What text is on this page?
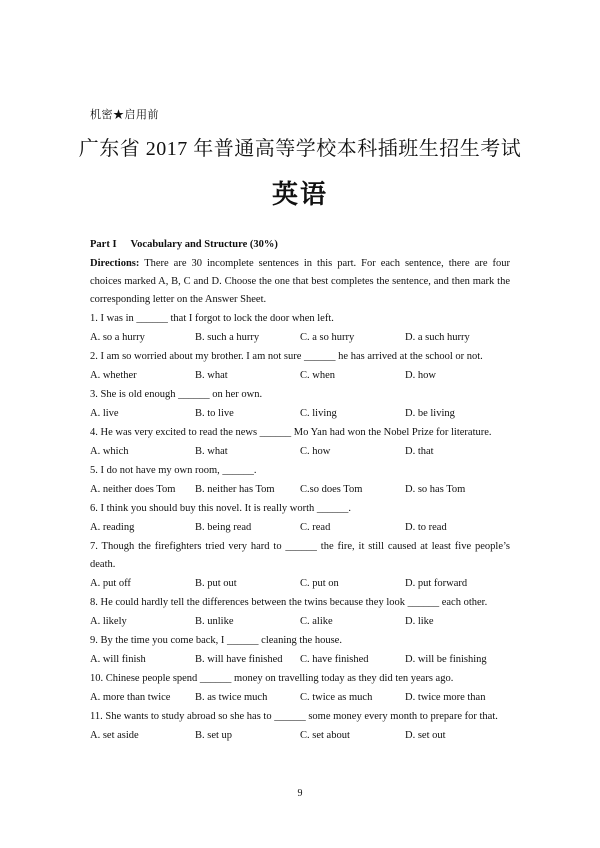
机密★启用前
广东省 2017 年普通高等学校本科插班生招生考试
英语
Part I Vocabulary and Structure (30%)
Directions: There are 30 incomplete sentences in this part. For each sentence, there are four choices marked A, B, C and D. Choose the one that best completes the sentence, and then mark the corresponding letter on the Answer Sheet.
1. I was in ______ that I forgot to lock the door when left.
A. so a hurry	B. such a hurry	C. a so hurry	D. a such hurry
2. I am so worried about my brother. I am not sure ______ he has arrived at the school or not.
A. whether	B. what	C. when	D. how
3. She is old enough ______ on her own.
A. live	B. to live	C. living	D. be living
4. He was very excited to read the news ______ Mo Yan had won the Nobel Prize for literature.
A. which	B. what	C. how	D. that
5. I do not have my own room, ______.
A. neither does Tom	B. neither has Tom	C.so does Tom	D. so has Tom
6. I think you should buy this novel. It is really worth ______.
A. reading	B. being read	C. read	D. to read
7. Though the firefighters tried very hard to ______ the fire, it still caused at least five people’s death.
A. put off	B. put out	C. put on	D. put forward
8. He could hardly tell the differences between the twins because they look ______ each other.
A. likely	B. unlike	C. alike	D. like
9. By the time you come back, I ______ cleaning the house.
A. will finish	B. will have finished	C. have finished	D. will be finishing
10. Chinese people spend ______ money on travelling today as they did ten years ago.
A. more than twice	B. as twice much	C. twice as much	D. twice more than
11. She wants to study abroad so she has to ______ some money every month to prepare for that.
A. set aside	B. set up	C. set about	D. set out
9
